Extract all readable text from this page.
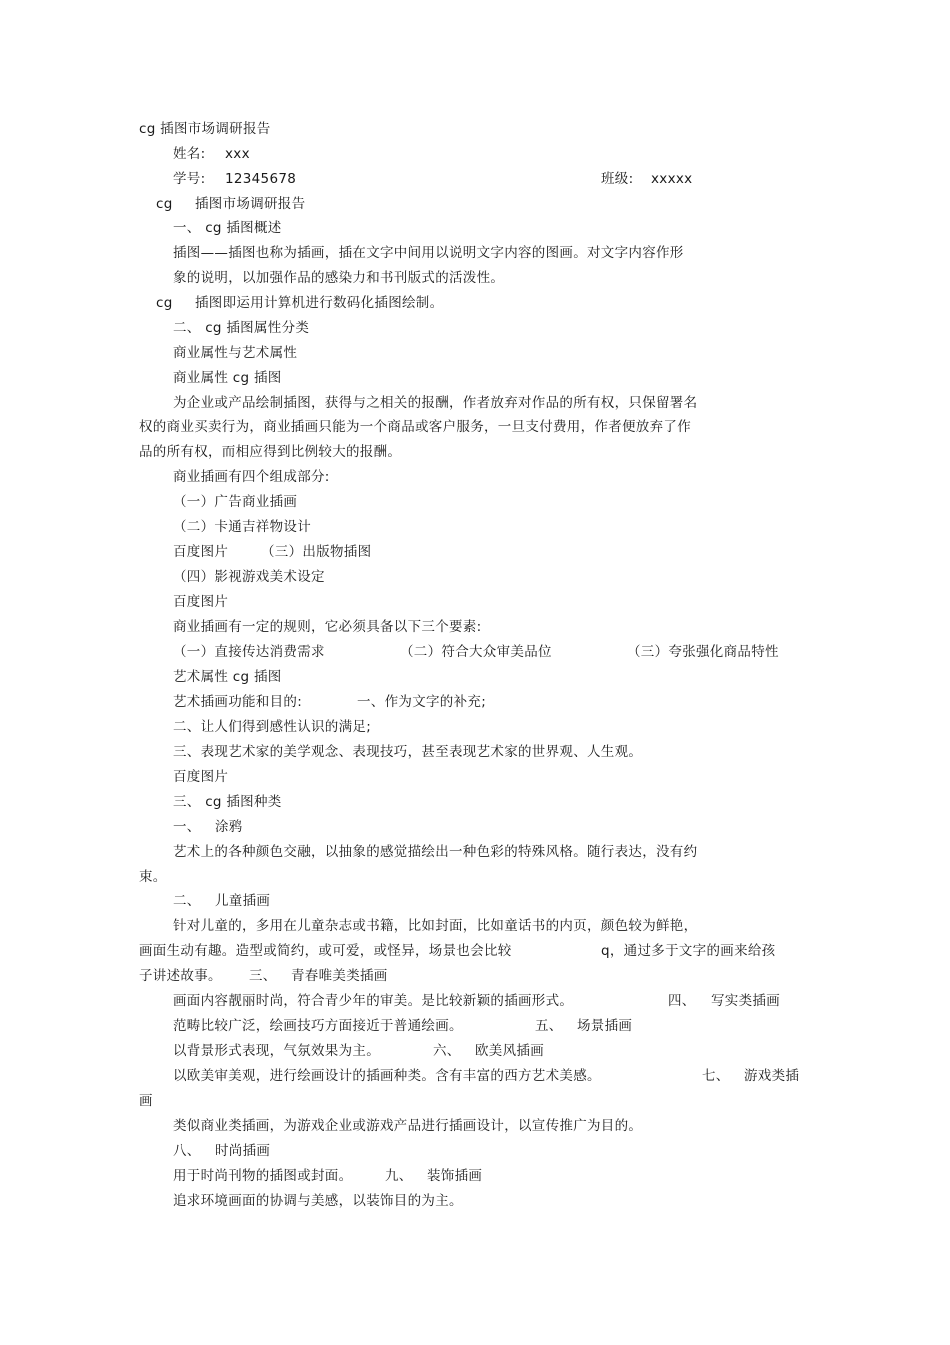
cg 插图市场调研报告
姓名: xxx
学号: 12345678	班级: xxxxx
cg 插图市场调研报告
一、 cg 插图概述
插图——插图也称为插画，插在文字中间用以说明文字内容的图画。对文字内容作形
象的说明，以加强作品的感染力和书刊版式的活泼性。
cg 插图即运用计算机进行数码化插图绘制。
二、 cg 插图属性分类
商业属性与艺术属性
商业属性 cg 插图
为企业或产品绘制插图，获得与之相关的报酬，作者放弃对作品的所有权，只保留署名
权的商业买卖行为，商业插画只能为一个商品或客户服务，一旦支付费用，作者便放弃了作
品的所有权，而相应得到比例较大的报酬。
商业插画有四个组成部分:
（一）广告商业插画
（二）卡通吉祥物设计
百度图片 （三）出版物插图
（四）影视游戏美术设定
百度图片
商业插画有一定的规则，它必须具备以下三个要素:
（一）直接传达消费需求	（二）符合大众审美品位	（三）夸张强化商品特性
艺术属性 cg 插图
艺术插画功能和目的:	一、作为文字的补充;
二、让人们得到感性认识的满足;
三、表现艺术家的美学观念、表现技巧，甚至表现艺术家的世界观、人生观。
百度图片
三、 cg 插图种类
一、 涂鸦
艺术上的各种颜色交融，以抽象的感觉描绘出一种色彩的特殊风格。随行表达，没有约
束。
二、 儿童插画
针对儿童的，多用在儿童杂志或书籍，比如封面，比如童话书的内页，颜色较为鲜艳，
画面生动有趣。造型或简约，或可爱，或怪异，场景也会比较	q，通过多于文字的画来给孩
子讲述故事。 三、 青春唯美类插画
画面内容靓丽时尚，符合青少年的审美。是比较新颖的插画形式。	四、 写实类插画
范畴比较广泛，绘画技巧方面接近于普通绘画。	五、 场景插画
以背景形式表现，气氛效果为主。	六、 欧美风插画
以欧美审美观，进行绘画设计的插画种类。含有丰富的西方艺术美感。	七、 游戏类插
画
类似商业类插画，为游戏企业或游戏产品进行插画设计，以宣传推广为目的。
八、 时尚插画
用于时尚刊物的插图或封面。 九、 装饰插画
追求环境画面的协调与美感，以装饰目的为主。
